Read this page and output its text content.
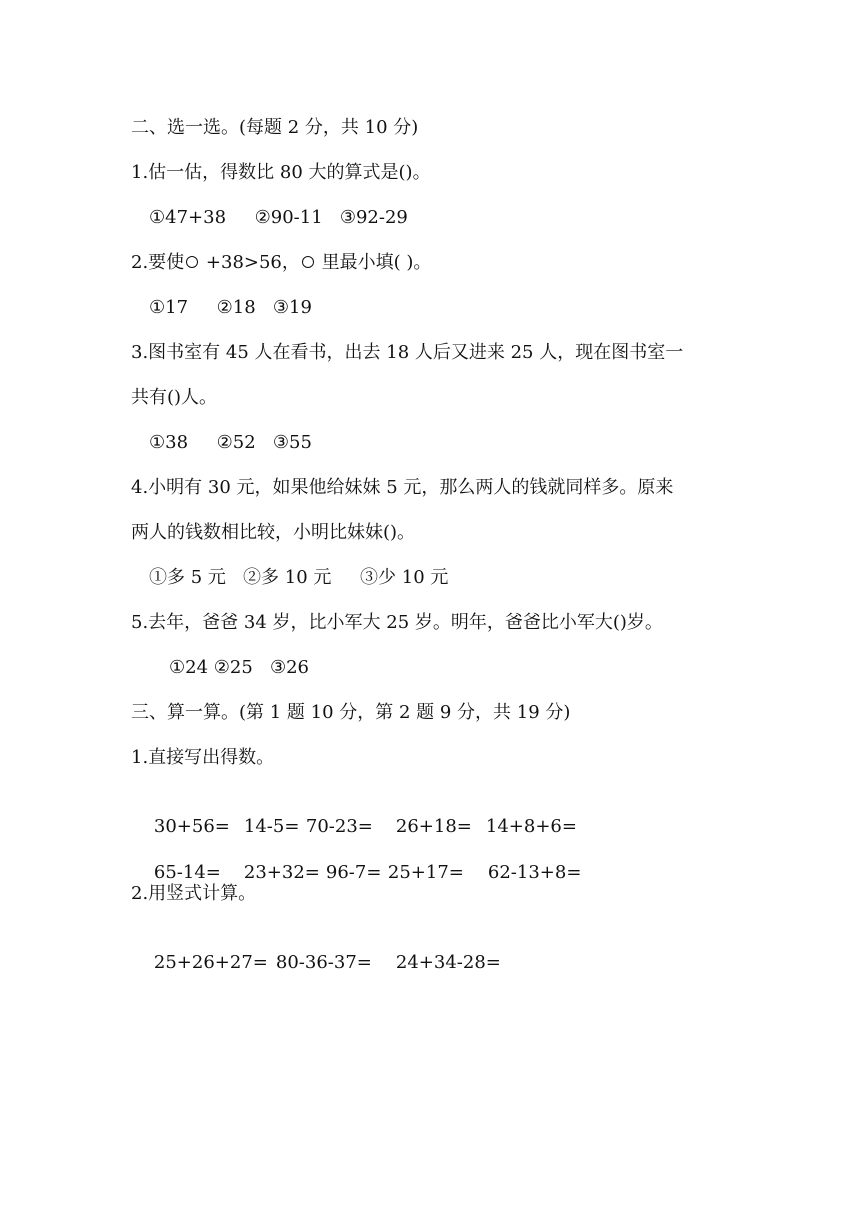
二、选一选。(每题 2 分，共 10 分)
1.估一估，得数比 80 大的算式是()。
①47+38     ②90-11   ③92-29
2.要使 +38>56， 里最小填( )。
①17     ②18   ③19
3.图书室有 45 人在看书，出去 18 人后又进来 25 人，现在图书室一
共有()人。
①38     ②52   ③55
4.小明有 30 元，如果他给妹妹 5 元，那么两人的钱就同样多。原来
两人的钱数相比较，小明比妹妹()。
①多 5 元   ②多 10 元     ③少 10 元
5.去年，爸爸 34 岁，比小军大 25 岁。明年，爸爸比小军大()岁。
①24 ②25   ③26
三、算一算。(第 1 题 10 分，第 2 题 9 分，共 19 分)
1.直接写出得数。

30+56= 14-5= 70-23= 26+18= 14+8+6=

65-14= 23+32= 96-7= 25+17= 62-13+8=

2.用竖式计算。

25+26+27= 80-36-37= 24+34-28=
